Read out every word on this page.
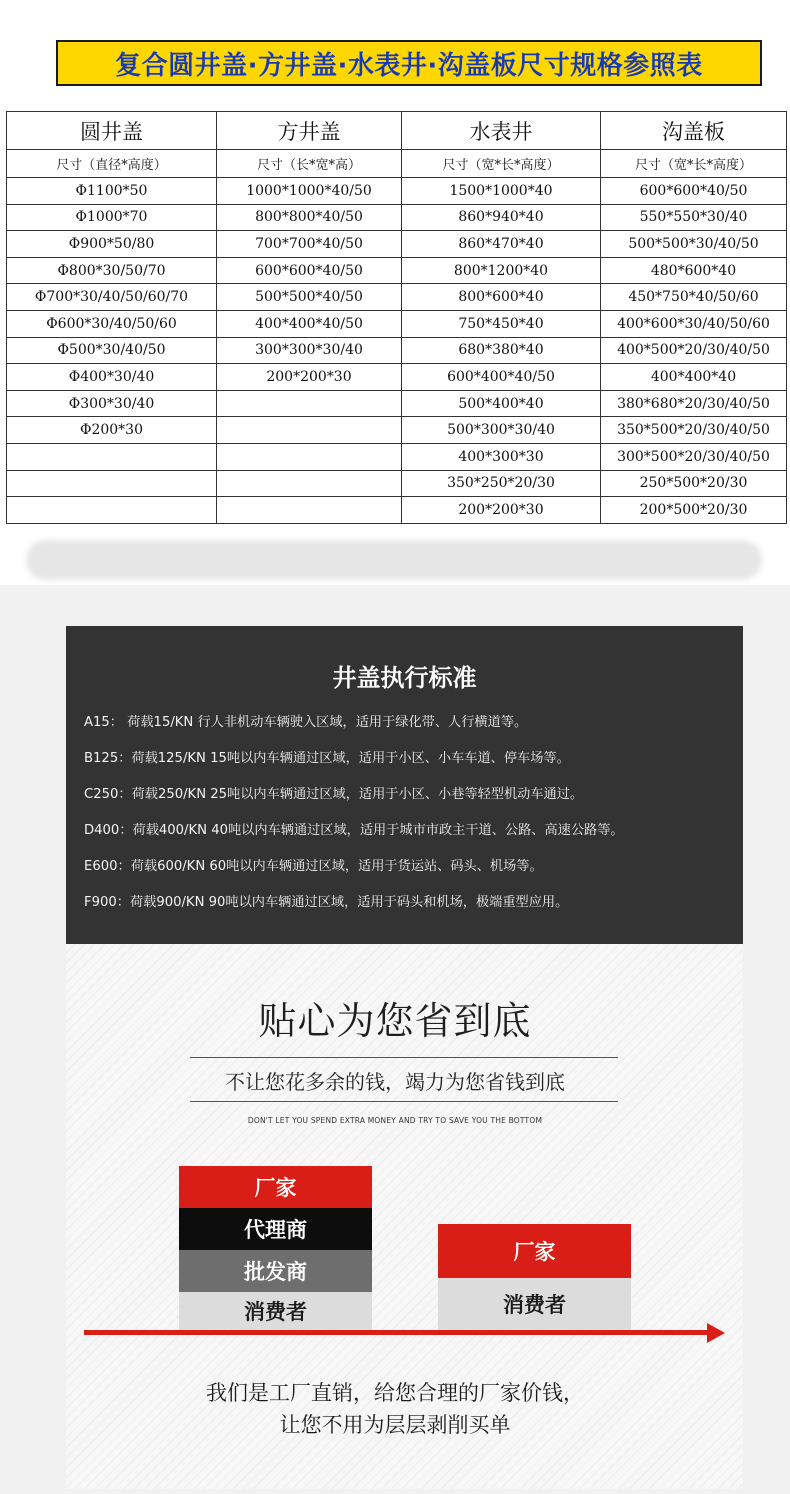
复合圆井盖·方井盖·水表井·沟盖板尺寸规格参照表
圆井盖	方井盖	水表井	沟盖板
尺寸（直径*高度）	尺寸（长*宽*高）	尺寸（宽*长*高度）	尺寸（宽*长*高度）
Φ1100*50	1000*1000*40/50	1500*1000*40	600*600*40/50
Φ1000*70	800*800*40/50	860*940*40	550*550*30/40
Φ900*50/80	700*700*40/50	860*470*40	500*500*30/40/50
Φ800*30/50/70	600*600*40/50	800*1200*40	480*600*40
Φ700*30/40/50/60/70	500*500*40/50	800*600*40	450*750*40/50/60
Φ600*30/40/50/60	400*400*40/50	750*450*40	400*600*30/40/50/60
Φ500*30/40/50	300*300*30/40	680*380*40	400*500*20/30/40/50
Φ400*30/40	200*200*30	600*400*40/50	400*400*40
Φ300*30/40		500*400*40	380*680*20/30/40/50
Φ200*30		500*300*30/40	350*500*20/30/40/50
		400*300*30	300*500*20/30/40/50
		350*250*20/30	250*500*20/30
		200*200*30	200*500*20/30
井盖执行标准
A15： 荷载15/KN 行人非机动车辆驶入区域，适用于绿化带、人行横道等。
B125：荷载125/KN 15吨以内车辆通过区域，适用于小区、小车车道、停车场等。
C250：荷载250/KN 25吨以内车辆通过区域，适用于小区、小巷等轻型机动车通过。
D400：荷载400/KN 40吨以内车辆通过区域，适用于城市市政主干道、公路、高速公路等。
E600：荷载600/KN 60吨以内车辆通过区域，适用于货运站、码头、机场等。
F900：荷载900/KN 90吨以内车辆通过区域，适用于码头和机场，极端重型应用。
贴心为您省到底
不让您花多余的钱，竭力为您省钱到底
DON'T LET YOU SPEND EXTRA MONEY AND TRY TO SAVE YOU THE BOTTOM
厂家
代理商
批发商
消费者
厂家
消费者
我们是工厂直销，给您合理的厂家价钱，
让您不用为层层剥削买单
